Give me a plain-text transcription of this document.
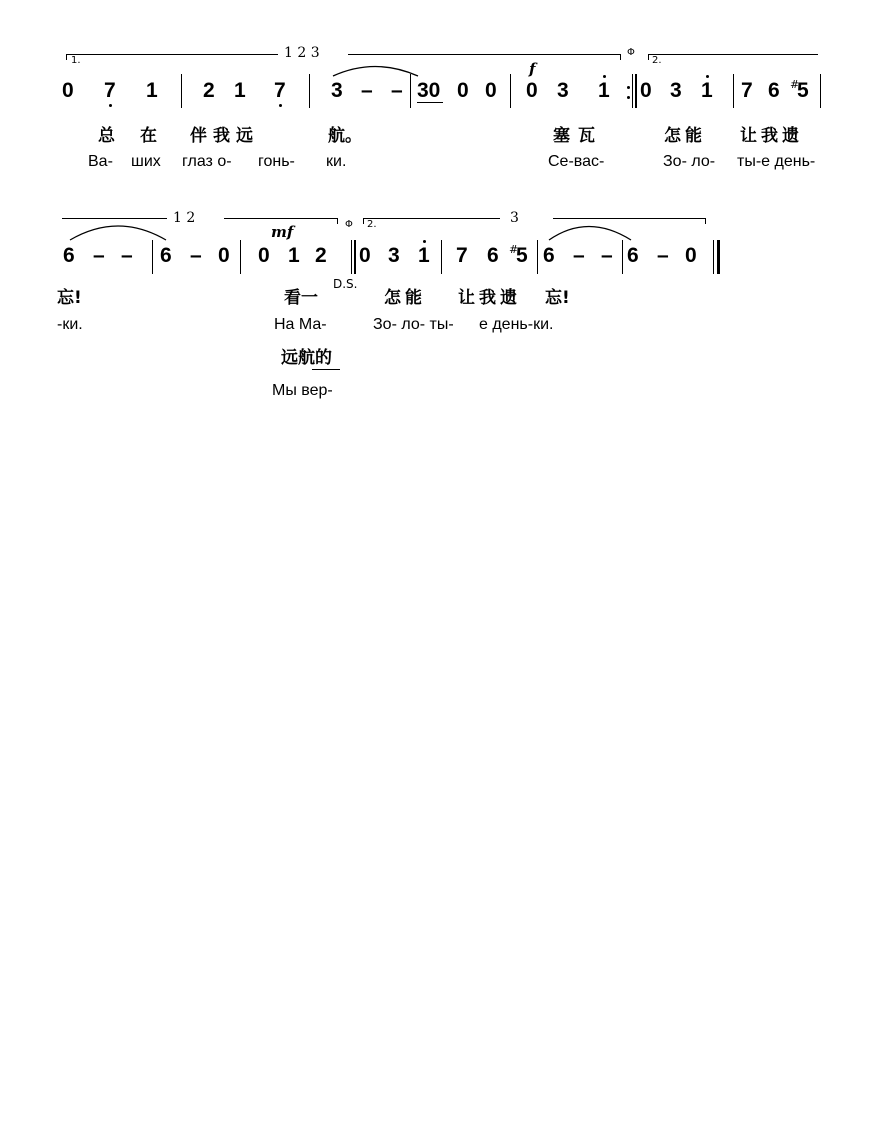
1.	1 2 3	Φ
2.
f
0 7 1 2 1 7 3 – – 30 0 0 0 3 1 0 3 1 7 6 #
5
总 在 伴我远	航。	塞瓦	怎能 让我遗
Ва- ших глаз о- гонь- ки.	Се-вас-	Зо- ло- ты-е день-
1 2	Φ 2.	3
mf
6 – – 6 – 0 0 1 2 0 3 1 7 6 #
5 6 – – 6 – 0
D.S.
忘!	看一	怎能 让我遗 忘!
-ки.	На Ма-	Зо- ло- ты- е день-ки.
远航的
Мы вер-
